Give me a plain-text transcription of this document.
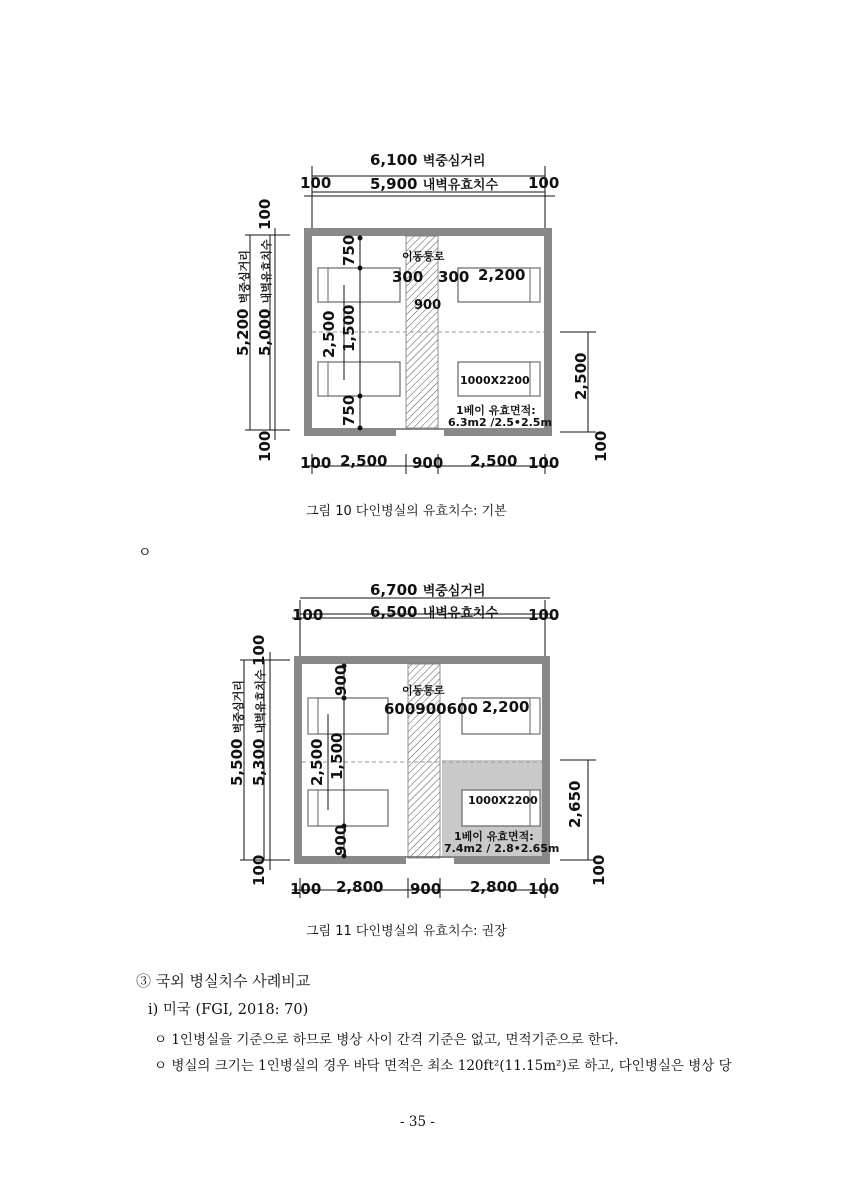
6,100 벽중심거리
100	5,900 내벽유효치수 100
5,200 벽중심거리
5,000 내벽유효치수
100
100
750
750
2,500 1,500
이동통로
300 300 2,200
900
1000X2200
1베이 유효면적:
6.3m2 /2.5•2.5m
2,500
100
100 2,500 900 2,500 100
그림 10 다인병실의 유효치수: 기본
ㅇ
6,700 벽중심거리
100	6,500 내벽유효치수 100
5,500 벽중심거리
5,300 내벽유효치수
100
100
900
900
2,500 1,500
이동통로
600900600 2,200
1000X2200
1베이 유효면적:
7.4m2 / 2.8•2.65m
2,650
100
100 2,800 900 2,800 100
그림 11 다인병실의 유효치수: 권장
③ 국외 병실치수 사례비교
i) 미국 (FGI, 2018: 70)
ㅇ 1인병실을 기준으로 하므로 병상 사이 간격 기준은 없고, 면적기준으로 한다.
ㅇ 병실의 크기는 1인병실의 경우 바닥 면적은 최소 120ft²(11.15m²)로 하고, 다인병실은 병상 당
- 35 -
